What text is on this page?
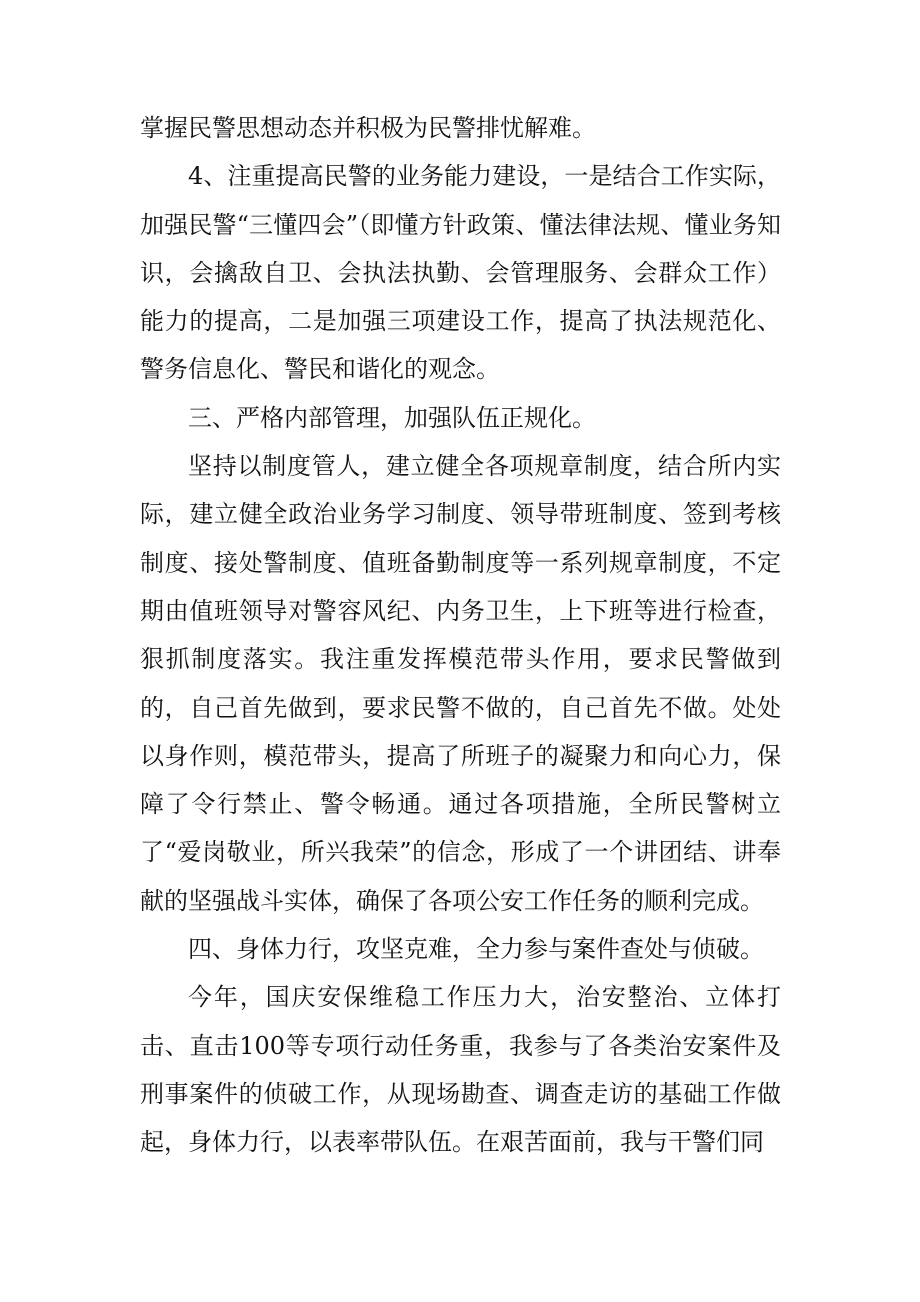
掌握民警思想动态并积极为民警排忧解难。

4、注重提高民警的业务能力建设，一是结合工作实际，加强民警“三懂四会”（即懂方针政策、懂法律法规、懂业务知识，会擒敌自卫、会执法执勤、会管理服务、会群众工作）能力的提高，二是加强三项建设工作，提高了执法规范化、警务信息化、警民和谐化的观念。

三、严格内部管理，加强队伍正规化。

坚持以制度管人，建立健全各项规章制度，结合所内实际，建立健全政治业务学习制度、领导带班制度、签到考核制度、接处警制度、值班备勤制度等一系列规章制度，不定期由值班领导对警容风纪、内务卫生，上下班等进行检查，狠抓制度落实。我注重发挥模范带头作用，要求民警做到的，自己首先做到，要求民警不做的，自己首先不做。处处以身作则，模范带头，提高了所班子的凝聚力和向心力，保障了令行禁止、警令畅通。通过各项措施，全所民警树立了“爱岗敬业，所兴我荣”的信念，形成了一个讲团结、讲奉献的坚强战斗实体，确保了各项公安工作任务的顺利完成。

四、身体力行，攻坚克难，全力参与案件查处与侦破。

今年，国庆安保维稳工作压力大，治安整治、立体打击、直击100等专项行动任务重，我参与了各类治安案件及刑事案件的侦破工作，从现场勘查、调查走访的基础工作做起，身体力行，以表率带队伍。在艰苦面前，我与干警们同
